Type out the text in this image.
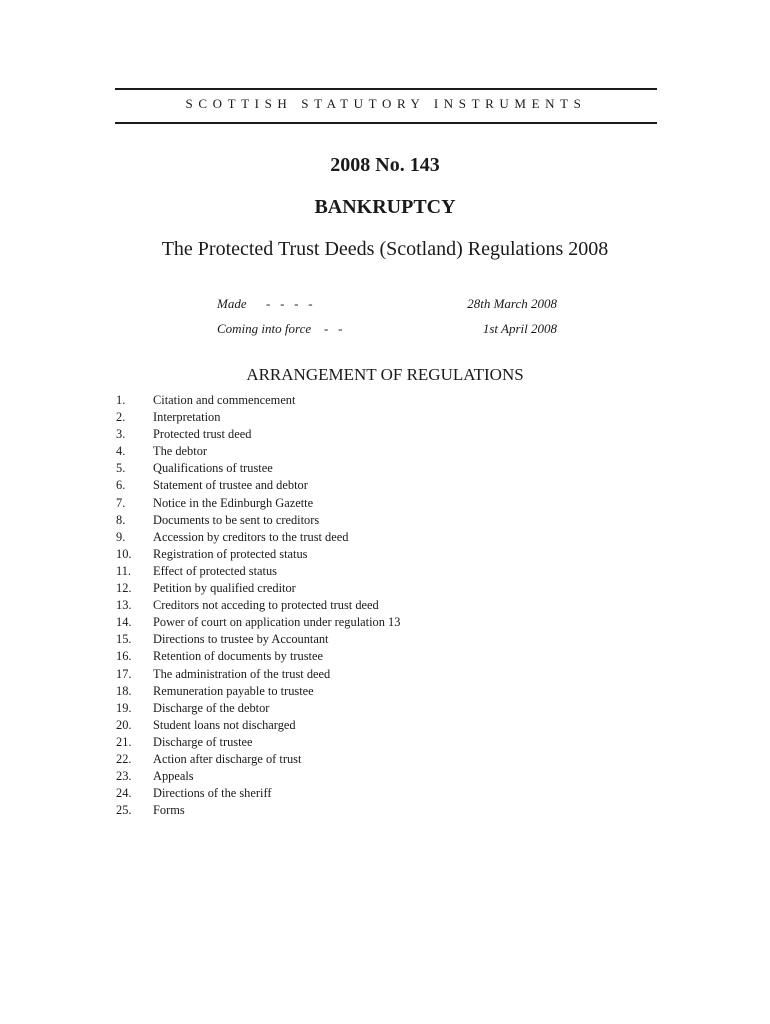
SCOTTISH STATUTORY INSTRUMENTS
2008 No. 143
BANKRUPTCY
The Protected Trust Deeds (Scotland) Regulations 2008
Made -   -   -   -	28th March 2008
Coming into force -   -	1st April 2008
ARRANGEMENT OF REGULATIONS
1. Citation and commencement
2. Interpretation
3. Protected trust deed
4. The debtor
5. Qualifications of trustee
6. Statement of trustee and debtor
7. Notice in the Edinburgh Gazette
8. Documents to be sent to creditors
9. Accession by creditors to the trust deed
10. Registration of protected status
11. Effect of protected status
12. Petition by qualified creditor
13. Creditors not acceding to protected trust deed
14. Power of court on application under regulation 13
15. Directions to trustee by Accountant
16. Retention of documents by trustee
17. The administration of the trust deed
18. Remuneration payable to trustee
19. Discharge of the debtor
20. Student loans not discharged
21. Discharge of trustee
22. Action after discharge of trust
23. Appeals
24. Directions of the sheriff
25. Forms
